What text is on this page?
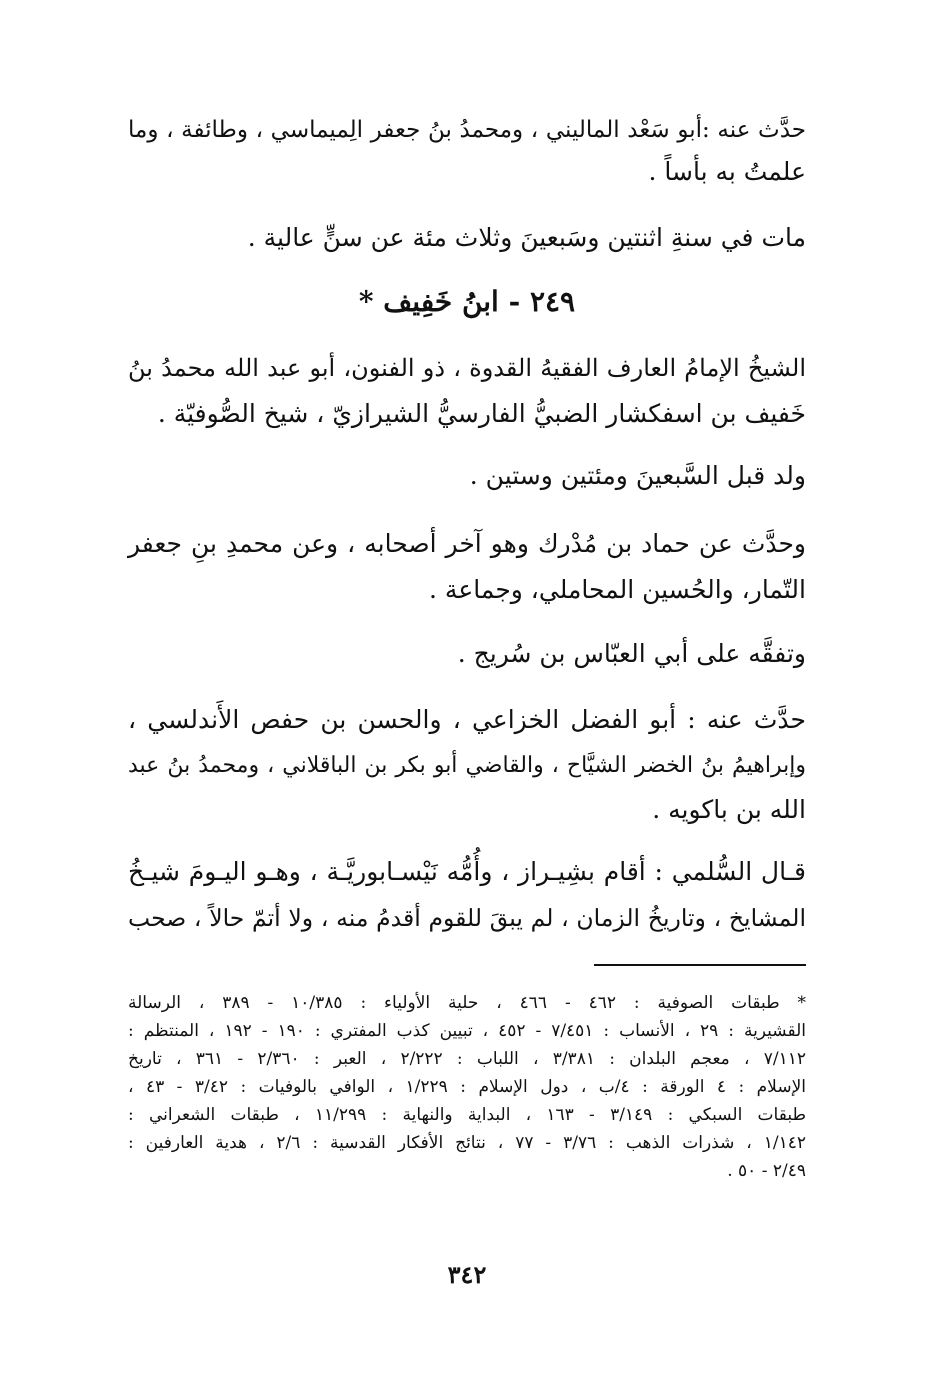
حدَّث عنه :أبو سَعْد الماليني ، ومحمدُ بنُ جعفر الِميماسي ، وطائفة ، وما
علمتُ به بأساً .
مات في سنةِ اثنتين وسَبعينَ وثلاث مئة عن سنٍّ عالية .
٢٤٩ - ابنُ خَفِيف *
الشيخُ الإمامُ العارف الفقيهُ القدوة ، ذو الفنون، أبو عبد الله محمدُ بنُ
خَفيف بن اسفكشار الضبيُّ الفارسيُّ الشيرازيّ ، شيخ الصُّوفيّة .
ولد قبل السَّبعينَ ومئتين وستين .
وحدَّث عن حماد بن مُدْرك وهو آخر أصحابه ، وعن محمدِ بنِ جعفر
التّمار، والحُسين المحاملي، وجماعة .
وتفقَّه على أبي العبّاس بن سُريج .
حدَّث عنه : أبو الفضل الخزاعي ، والحسن بن حفص الأَندلسي ،
وإبراهيمُ بنُ الخضر الشيَّاح ، والقاضي أبو بكر بن الباقلاني ، ومحمدُ بنُ عبد
الله بن باكويه .
قـال السُّلمي : أقام بشِيـراز ، وأُمُّه نَيْسـابوريَّـة ، وهـو اليـومَ شيـخُ
المشايخ ، وتاريخُ الزمان ، لم يبقَ للقوم أقدمُ منه ، ولا أتمّ حالاً ، صحب
* طبقات الصوفية : ٤٦٢ - ٤٦٦ ، حلية الأولياء : ١٠/٣٨٥ - ٣٨٩ ، الرسالة
القشيرية : ٢٩ ، الأنساب : ٧/٤٥١ - ٤٥٢ ، تبيين كذب المفتري : ١٩٠ - ١٩٢ ، المنتظم :
٧/١١٢ ، معجم البلدان : ٣/٣٨١ ، اللباب : ٢/٢٢٢ ، العبر : ٢/٣٦٠ - ٣٦١ ، تاريخ
الإسلام : ٤ الورقة : ٤/ب ، دول الإسلام : ١/٢٢٩ ، الوافي بالوفيات : ٣/٤٢ - ٤٣ ،
طبقات السبكي : ٣/١٤٩ - ١٦٣ ، البداية والنهاية : ١١/٢٩٩ ، طبقات الشعراني :
١/١٤٢ ، شذرات الذهب : ٣/٧٦ - ٧٧ ، نتائج الأفكار القدسية : ٢/٦ ، هدية العارفين :
٢/٤٩ - ٥٠ .
٣٤٢
